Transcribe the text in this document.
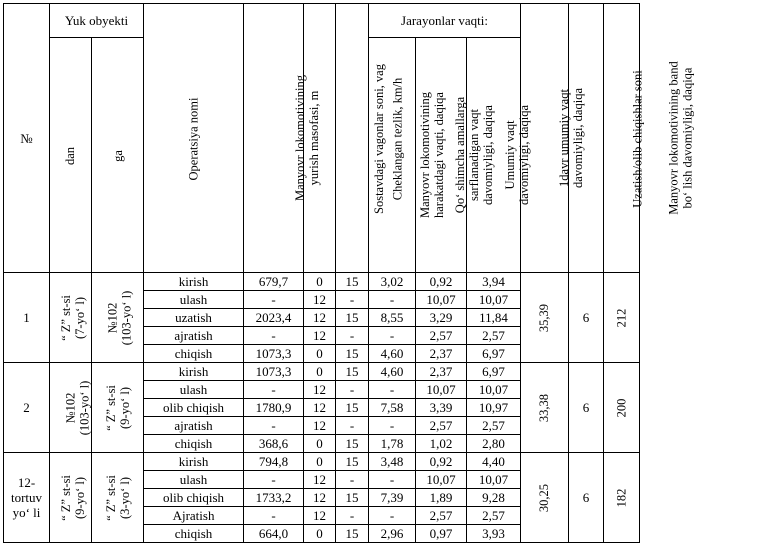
№	Yuk obyekti		Operatsiya nomi	Manyovr lokomotivining yurish masofasi, m	Sostavdagi vagonlar soni, vag	Cheklangan tezlik, km/h	Jarayonlar vaqti:			1davr umumiy vaqt davomiyligi, daqiqa	Uzatish/olib chiqishlar soni	Manyovr lokomotivining band bo‘ lish davomiyligi, daqiqa

	dan	ga					Manyovr lokomotivining harakatdagi vaqti, daqiqa	Qo‘ shimcha amallarga sarflanadigan vaqt davomiyligi, daqiqa	Umumiy vaqt davomiyligi, daqiqa			

1	“ Z” st-si (7-yo‘ l)	№102 (103-yo‘ l)	kirish	679,7	0	15	3,02	0,92	3,94	35,39	6	212
			ulash	-	12	-	-	10,07	10,07			
			uzatish	2023,4	12	15	8,55	3,29	11,84			
			ajratish	-	12	-	-	2,57	2,57			
			chiqish	1073,3	0	15	4,60	2,37	6,97			
2	№102 (103-yo‘ l)	“ Z” st-si (9-yo‘ l)	kirish	1073,3	0	15	4,60	2,37	6,97	33,38	6	200
			ulash	-	12	-	-	10,07	10,07			
			olib chiqish	1780,9	12	15	7,58	3,39	10,97			
			ajratish	-	12	-	-	2,57	2,57			
			chiqish	368,6	0	15	1,78	1,02	2,80			
12-tortuv yo‘ li	“ Z” st-si (9-yo‘ l)	“ Z” st-si (3-yo‘ l)	kirish	794,8	0	15	3,48	0,92	4,40	30,25	6	182
			ulash	-	12	-	-	10,07	10,07			
			olib chiqish	1733,2	12	15	7,39	1,89	9,28			
			Ajratish	-	12	-	-	2,57	2,57			
			chiqish	664,0	0	15	2,96	0,97	3,93			
